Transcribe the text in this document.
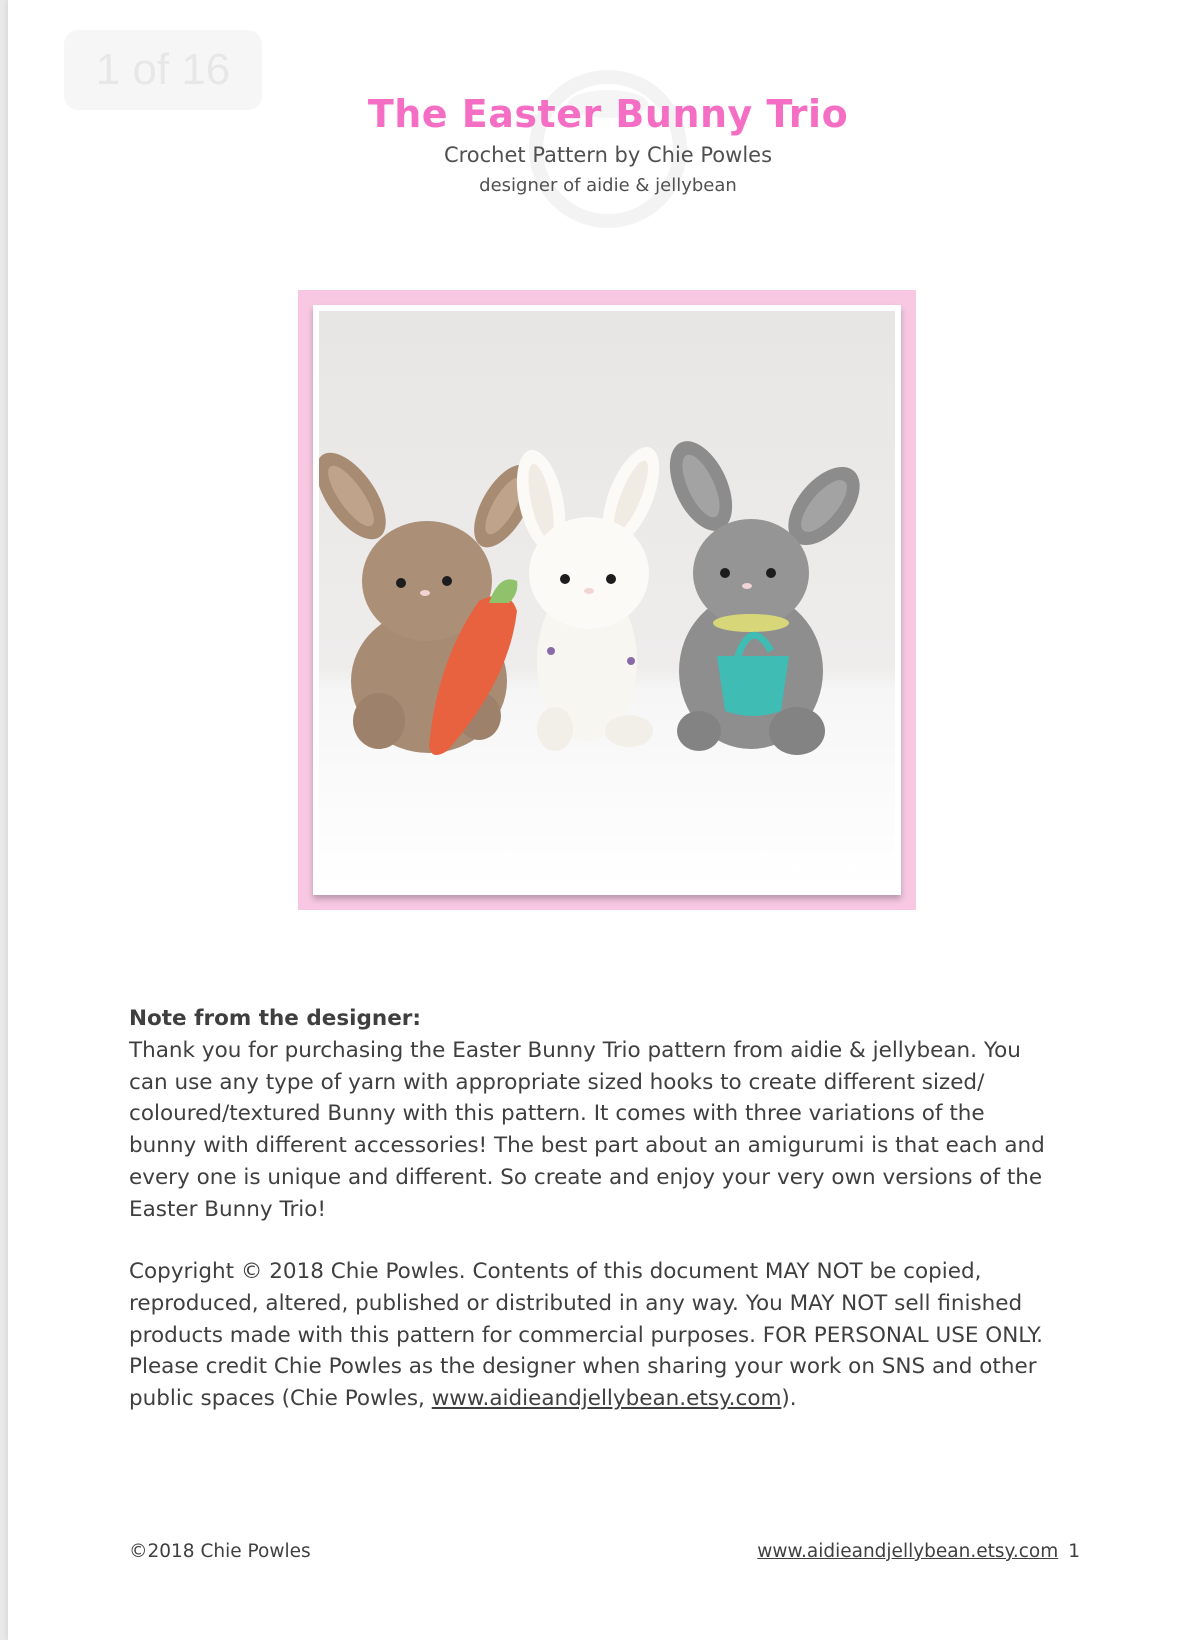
1 of 16
The Easter Bunny Trio
Crochet Pattern by Chie Powles
designer of aidie & jellybean
aidie & jellybean
Note from the designer:
Thank you for purchasing the Easter Bunny Trio pattern from aidie & jellybean. You can use any type of yarn with appropriate sized hooks to create different sized/ coloured/textured Bunny with this pattern. It comes with three variations of the bunny with different accessories! The best part about an amigurumi is that each and every one is unique and different. So create and enjoy your very own versions of the Easter Bunny Trio!
Copyright © 2018 Chie Powles. Contents of this document MAY NOT be copied, reproduced, altered, published or distributed in any way. You MAY NOT sell finished products made with this pattern for commercial purposes. FOR PERSONAL USE ONLY. Please credit Chie Powles as the designer when sharing your work on SNS and other public spaces (Chie Powles, www.aidieandjellybean.etsy.com).
©2018 Chie Powles	www.aidieandjellybean.etsy.com 1
